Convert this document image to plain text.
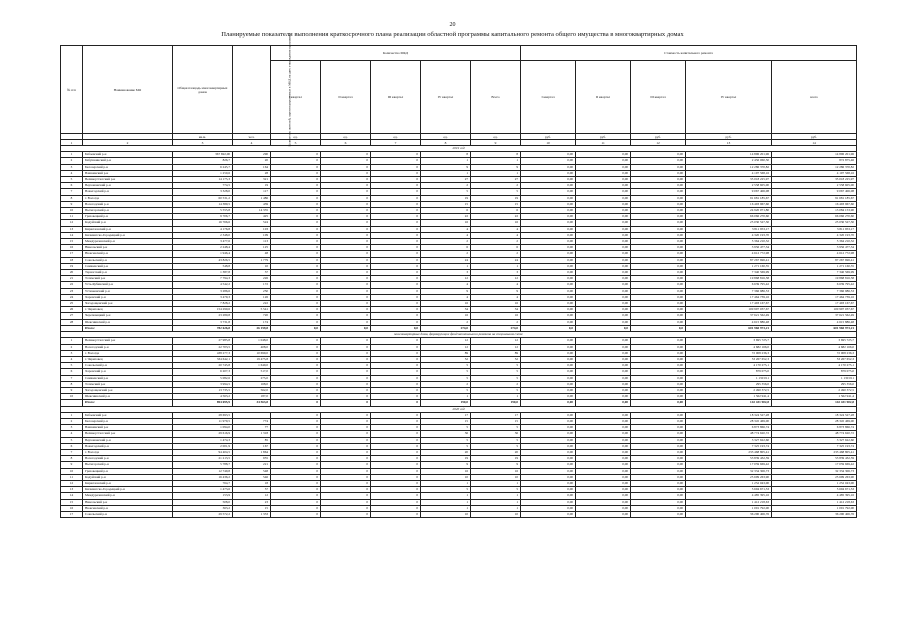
20
Планируемые показатели выполнения краткосрочного плана реализации областной программы капитального ремонта общего имущества в многоквартирных домах
№ п/п	Наименование МО	Общая площадь многоквартирных домов	Количество жителей, зарегистрированных в МКД на дату утверждения программы	Количество МКД					Стоимость капитального ремонта				
				I квартал	II квартал	III квартал	IV квартал	Всего	I квартал	II квартал	III квартал	IV квартал	всего
		кв.м.	чел.	ед.	ед.	ед.	ед.	ед.	руб.	руб.	руб.	руб.	руб.
1	2	3	4	5	6	7	8	9	10	11	12	13	14
2019 год													
1	Бабаевский р-н	367 692,00	290	0	0	0	8	8	0,00	0,00	0,00	14 896 201,96	14 896 201,96
2	Бабушкинский р-н	826,7	20	0	0	0	1	1	0,00	0,00	0,00	2 456 060,50	872 875,46
3	Белозерский р-н	6 245,7	164	0	0	0	9	9	0,00	0,00	0,00	12 286 370,82	12 286 370,82
4	Вашкинский р-н	1 250,6	28	0	0	0	1	1	0,00	0,00	0,00	4 197 568,16	4 197 568,16
5	Великоустюгский р-н	14 175,3	321	0	0	0	27	27	0,00	0,00	0,00	35 018 225,97	35 018 225,97
6	Верховажский р-н	774,5	19	0	0	0	2	2	0,00	0,00	0,00	2 558 605,00	2 558 605,00
7	Вожегодский р-н	3 328,0	117	0	0	0	5	5	0,00	0,00	0,00	9 067 406,08	9 067 406,08
8	г. Вологда	60 531,2	1 486	0	0	0	19	19	0,00	0,00	0,00	91 681 185,67	91 681 185,67
9	Вологодский р-н	14 389,5	439	0	0	0	15	15	0,00	0,00	0,00	16 493 967,60	16 493 967,60
10	Вытегорский р-н	5 555,8	14 335	0	0	0	6	6	0,00	0,00	0,00	24 920 071,80	13 084 153,90
11	Грязовецкий р-н	9 706,7	425	0	0	0	22	22	0,00	0,00	0,00	66 066 270,60	66 066 270,60
12	Кадуйский р-н	16 766,6	524	0	0	0	16	16	0,00	0,00	0,00	25 030 527,30	25 030 527,30
13	Кирилловский р-н	4 176,8	103	0	0	0	4	4	0,00	0,00	0,00	3 811 953,17	3 811 953,17
14	Кичменгско-Городецкий р-н	2 348,0	109	0	0	0	4	4	0,00	0,00	0,00	4 320 193,70	4 320 193,70
15	Междуреченский р-н	3 477,6	113	0	0	0	2	2	0,00	0,00	0,00	5 364 210,32	5 364 210,32
16	Никольский р-н	2 248,4	125	0	0	0	6	6	0,00	0,00	0,00	3 956 477,34	3 956 477,34
17	Нюксенский р-н	1 946,4	48	0	0	0	2	2	0,00	0,00	0,00	4 612 772,98	4 612 772,98
18	Сокольский р-н	43 826,5	1 779	0	0	0	24	24	0,00	0,00	0,00	87 267 696,41	87 267 696,41
19	Сямженский р-н	548,8	10	0	0	0	1	1	0,00	0,00	0,00	1 271 160,35	1 271 160,35
20	Тарногский р-н	1 387,8	37	0	0	0	3	3	0,00	0,00	0,00	7 340 569,99	7 340 569,99
21	Тотемский р-н	7 794,3	226	0	0	0	12	12	0,00	0,00	0,00	19 868 816,58	19 868 816,58
22	Усть-Кубинский р-н	4 542,2	172	0	0	0	4	4	0,00	0,00	0,00	6 639 795,42	6 639 795,42
23	Устюженский р-н	3 286,6	250	0	0	0	9	9	0,00	0,00	0,00	7 366 986,53	7 366 986,53
24	Харовский р-н	3 479,3	126	0	0	0	4	4	0,00	0,00	0,00	17 464 739,16	17 464 739,16
25	Чагодощенский р-н	7 828,2	222	0	0	0	16	16	0,00	0,00	0,00	17 493 167,67	17 493 167,67
26	г. Череповец	154 290,6	5 541	0	0	0	34	34	0,00	0,00	0,00	100 997 037,67	100 997 037,67
27	Череповецкий р-н	23 280,8	720	0	0	0	16	16	0,00	0,00	0,00	37 621 562,49	37 621 562,49
28	Шекснинский р-н	3 731,8	174	0	0	0	2	2	0,00	0,00	0,00	4 615 886,48	4 615 886,48
	Итого:	782 626,8	26 159,8	0,0	0,0	0,0	274,0	274,0	0,0	0,0	0,0	601 960 973,21	601 960 973,21
многоквартирные дома, формирующие фонд капитального ремонта на специальном счете													
1	Великоустюгский р-н	27 985,8	1 048,0	0	0	0	12	12	0,00	0,00	0,00	3 695 725,7	3 695 725,7
2	Вологодский р-н	22 703,5	408,0	0	0	0	12	12	0,00	0,00	0,00	4 682 166,0	4 682 166,0
3	г. Вологда	438 277,3	10 699,0	0	0	0	89	89	0,00	0,00	0,00	72 008 236,3	72 008 236,3
4	г. Череповец	334 642,1	19 475,8	0	0	0	52	52	0,00	0,00	0,00	53 267 652,3	53 267 652,3
5	Сокольский р-н	20 745,8	1 649,0	0	0	0	5	5	0,00	0,00	0,00	4 170 275,1	4 170 275,1
6	Харовский р-н	6 207,3	517,0	0	0	0	5	5	0,00	0,00	0,00	879 075,0	879 075,0
7	Сямженский р-н	5 082,6	275,0	0	0	0	5	5	0,00	0,00	0,00	1 130 011	1 130 011
8	Тотемский р-н	3 994,5	168,0	0	0	0	2	2	0,00	0,00	0,00	295 356,0	295 356,0
9	Чагодощенский р-н	13 735,5	562,0	0	0	0	5	5	0,00	0,00	0,00	2 490 372,5	2 490 372,5
10	Шекснинский р-н	4 563,2	187,0	0	0	0	1	1	0,00	0,00	0,00	1 562 941,4	1 562 941,4
	Итого:	894 695,9	34 563,8	0	0	0	190,0	190,0	0,00	0,00	0,00	142 431 902,8	142 431 902,8
2020 год													
1	Бабаевский р-н	28 693,5		0	0	0	17	17	0,00	0,00	0,00	18 324 527,28	18 324 527,28
2	Белозерский р-н	11 979,5	774	0	0	0	15	15	0,00	0,00	0,00	28 345 469,00	28 345 469,00
3	Вашкинский р-н	1 094,0	77	0	0	0	5	5	0,00	0,00	0,00	6 873 866,74	6 873 866,74
4	Великоустюгский р-н	29 616,9	1 318	0	0	0	36	36	0,00	0,00	0,00	48 774 620,72	48 774 620,72
5	Верховажский р-н	1 474,3	85	0	0	0	5	5	0,00	0,00	0,00	3 327 622,60	3 327 622,60
6	Вожегодский р-н	2 001,9	167	0	0	0	5	5	0,00	0,00	0,00	7 325 193,74	7 325 193,74
7	г. Вологда	94 404,5	1 864	0	0	0	20	20	0,00	0,00	0,00	233 468 805,41	233 468 805,41
8	Вологодский р-н	21 213,5	955	0	0	0	19	19	0,00	0,00	0,00	53 839 432,59	53 839 432,59
9	Вытегорский р-н	5 788,7	221	0	0	0	9	9	0,00	0,00	0,00	17 059 669,42	17 059 669,42
10	Грязовецкий р-н	12 749,8	548	0	0	0	16	16	0,00	0,00	0,00	32 334 306,73	32 334 306,73
11	Кадуйский р-н	16 436,2	546	0	0	0	10	10	0,00	0,00	0,00	25 699 263,90	25 699 263,90
12	Кирилловский р-н	764,7	18	0	0	0	1	1	0,00	0,00	0,00	1 252 043,00	1 252 043,00
13	Кичменгско-Городецкий р-н	1 473,6	57	0	0	0	5	5	0,00	0,00	0,00	5 694 671,53	5 694 671,53
14	Междуреченский р-н	153,9	12	0	0	0	1	1	0,00	0,00	0,00	4 485 395,16	4 485 395,16
15	Никольский р-н	508,0	23	0	0	0	1	1	0,00	0,00	0,00	1 412 218,63	1 412 218,63
16	Нюксенский р-н	363,2	15	0	0	0	1	1	0,00	0,00	0,00	1 091 792,00	1 091 792,00
17	Сокольский р-н	29 572,2	1 333	0	0	0	10	10	0,00	0,00	0,00	36 290 406,76	36 290 406,76
